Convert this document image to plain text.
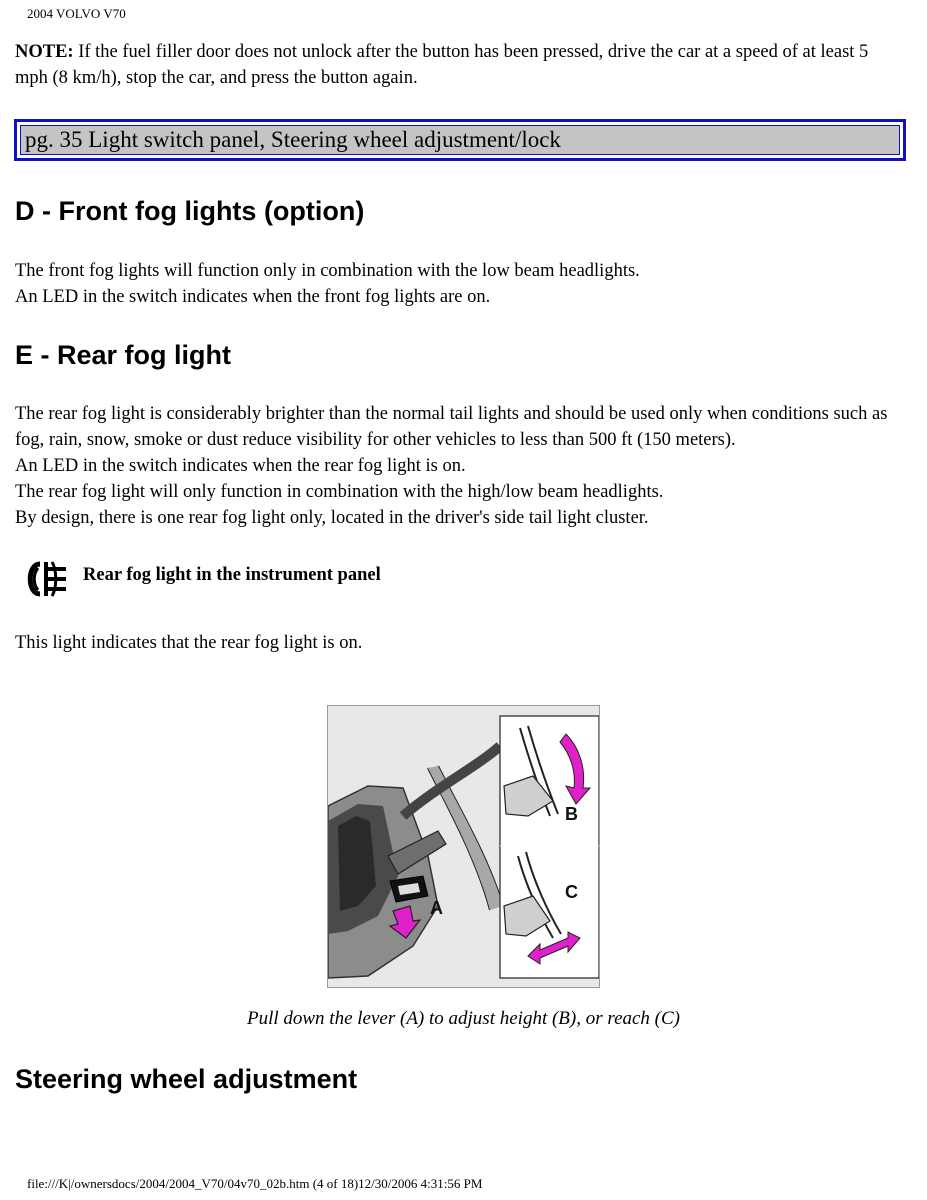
2004 VOLVO V70
NOTE: If the fuel filler door does not unlock after the button has been pressed, drive the car at a speed of at least 5 mph (8 km/h), stop the car, and press the button again.
pg. 35 Light switch panel, Steering wheel adjustment/lock
D - Front fog lights (option)

The front fog lights will function only in combination with the low beam headlights.

An LED in the switch indicates when the front fog lights are on.

E - Rear fog light

The rear fog light is considerably brighter than the normal tail lights and should be used only when conditions such as fog, rain, snow, smoke or dust reduce visibility for other vehicles to less than 500 ft (150 meters).

An LED in the switch indicates when the rear fog light is on.

The rear fog light will only function in combination with the high/low beam headlights.

By design, there is one rear fog light only, located in the driver's side tail light cluster.

Rear fog light in the instrument panel
This light indicates that the rear fog light is on.
A
B
C
Pull down the lever (A) to adjust height (B), or reach (C)
Steering wheel adjustment
file:///K|/ownersdocs/2004/2004_V70/04v70_02b.htm (4 of 18)12/30/2006 4:31:56 PM
